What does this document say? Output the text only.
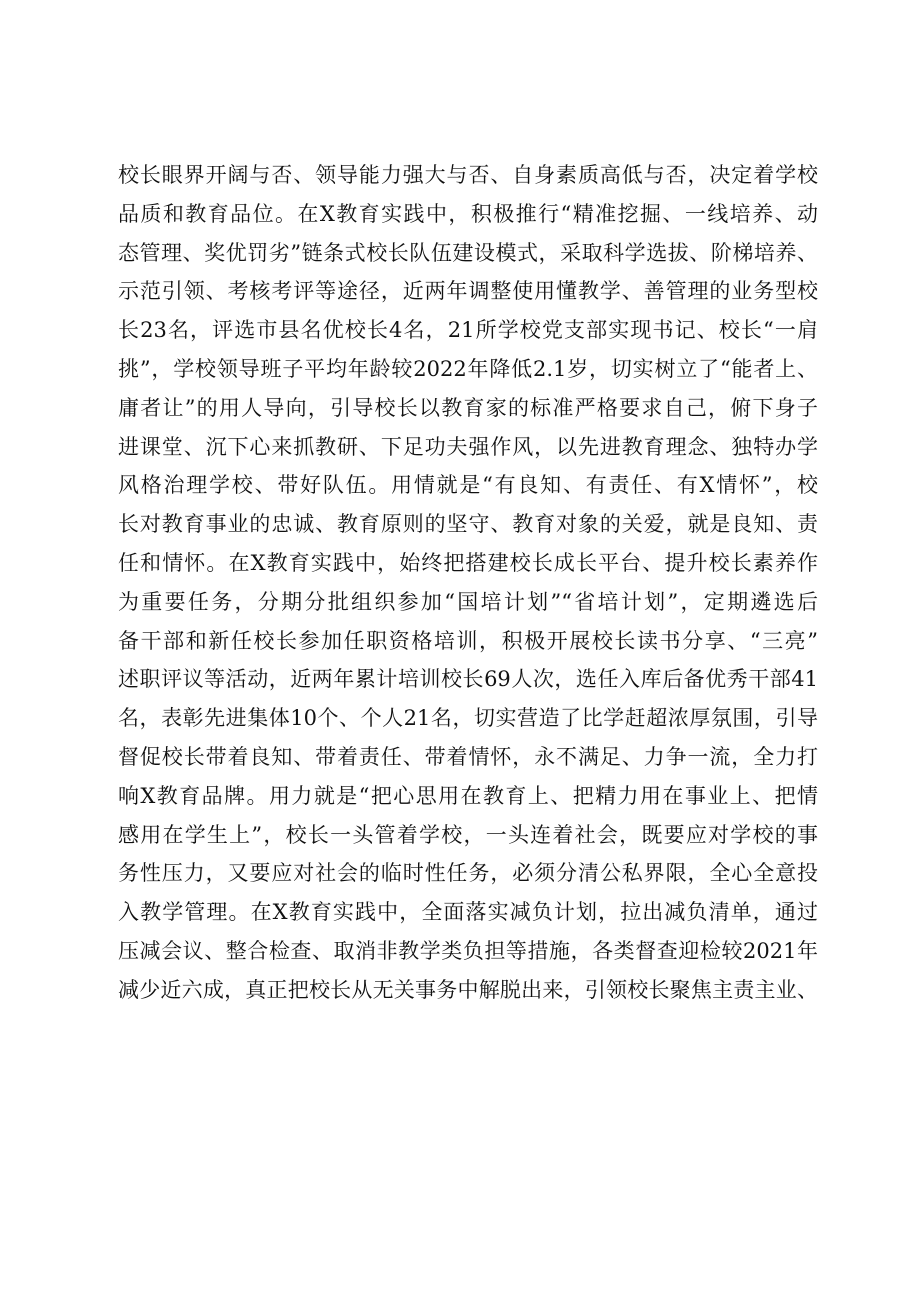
校长眼界开阔与否、领导能力强大与否、自身素质高低与否，决定着学校
品质和教育品位。在X教育实践中，积极推行“精准挖掘、一线培养、动
态管理、奖优罚劣”链条式校长队伍建设模式，采取科学选拔、阶梯培养、
示范引领、考核考评等途径，近两年调整使用懂教学、善管理的业务型校
长23名，评选市县名优校长4名，21所学校党支部实现书记、校长“一肩
挑”，学校领导班子平均年龄较2022年降低2.1岁，切实树立了“能者上、
庸者让”的用人导向，引导校长以教育家的标准严格要求自己，俯下身子
进课堂、沉下心来抓教研、下足功夫强作风，以先进教育理念、独特办学
风格治理学校、带好队伍。用情就是“有良知、有责任、有X情怀”，校
长对教育事业的忠诚、教育原则的坚守、教育对象的关爱，就是良知、责
任和情怀。在X教育实践中，始终把搭建校长成长平台、提升校长素养作
为重要任务，分期分批组织参加“国培计划”“省培计划”，定期遴选后
备干部和新任校长参加任职资格培训，积极开展校长读书分享、“三亮”
述职评议等活动，近两年累计培训校长69人次，选任入库后备优秀干部41
名，表彰先进集体10个、个人21名，切实营造了比学赶超浓厚氛围，引导
督促校长带着良知、带着责任、带着情怀，永不满足、力争一流，全力打
响X教育品牌。用力就是“把心思用在教育上、把精力用在事业上、把情
感用在学生上”，校长一头管着学校，一头连着社会，既要应对学校的事
务性压力，又要应对社会的临时性任务，必须分清公私界限，全心全意投
入教学管理。在X教育实践中，全面落实减负计划，拉出减负清单，通过
压减会议、整合检查、取消非教学类负担等措施，各类督查迎检较2021年
减少近六成，真正把校长从无关事务中解脱出来，引领校长聚焦主责主业、
